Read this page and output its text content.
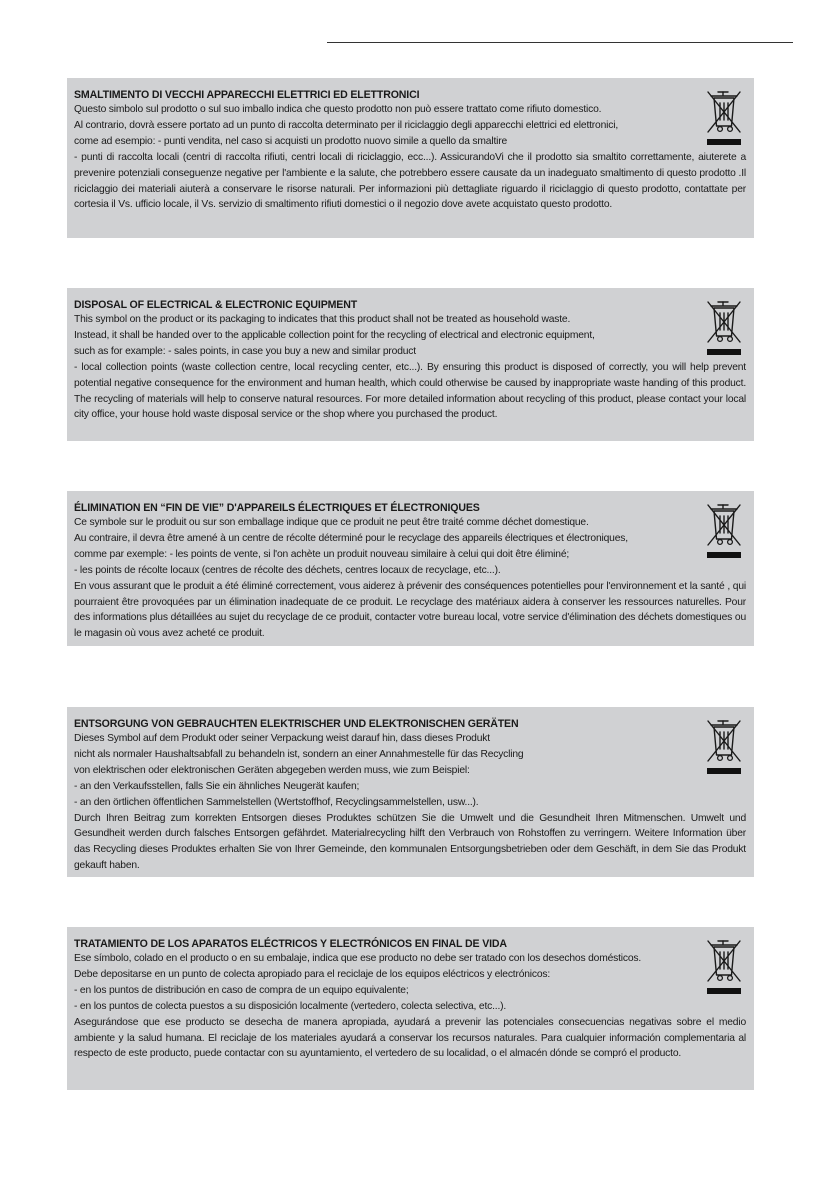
SMALTIMENTO DI VECCHI APPARECCHI ELETTRICI ED ELETTRONICI
Questo simbolo sul prodotto o sul suo imballo indica che questo prodotto non può essere trattato come rifiuto domestico.
Al contrario, dovrà essere portato ad un punto di raccolta determinato per il riciclaggio degli apparecchi elettrici ed elettronici,
come ad esempio: - punti vendita, nel caso si acquisti un prodotto nuovo simile a quello da smaltire

- punti di raccolta locali (centri di raccolta rifiuti, centri locali di riciclaggio, ecc...). AssicurandoVi che il prodotto sia smaltito correttamente, aiuterete a prevenire potenziali conseguenze negative per l'ambiente e la salute, che potrebbero essere causate da un inadeguato smaltimento di questo prodotto .Il riciclaggio dei materiali aiuterà a conservare le risorse naturali. Per informazioni più dettagliate riguardo il riciclaggio di questo prodotto, contattate per cortesia il Vs. ufficio locale, il Vs. servizio di smaltimento rifiuti domestici o il negozio dove avete acquistato questo prodotto.

DISPOSAL OF ELECTRICAL & ELECTRONIC EQUIPMENT
This symbol on the product or its packaging to indicates that this product shall not be treated as household waste.
Instead, it shall be handed over to the applicable collection point for the recycling of electrical and electronic equipment,
such as for example: - sales points, in case you buy a new and similar product

- local collection points (waste collection centre, local recycling center, etc...). By ensuring this product is disposed of correctly, you will help prevent potential negative consequence for the environment and human health, which could otherwise be caused by inappropriate waste handing of this product. The recycling of materials will help to conserve natural resources. For more detailed information about recycling of this product, please contact your local city office, your house hold waste disposal service or the shop where you purchased the product.

ÉLIMINATION EN “FIN DE VIE” D'APPAREILS ÉLECTRIQUES ET ÉLECTRONIQUES
Ce symbole sur le produit ou sur son emballage indique que ce produit ne peut être traité comme déchet domestique.
Au contraire, il devra être amené à un centre de récolte déterminé pour le recyclage des appareils électriques et électroniques,
comme par exemple: - les points de vente, si l'on achète un produit nouveau similaire à celui qui doit être éliminé;
- les points de récolte locaux (centres de récolte des déchets, centres locaux de recyclage, etc...).

En vous assurant que le produit a été éliminé correctement, vous aiderez à prévenir des conséquences potentielles pour l'environnement et la santé , qui pourraient être provoquées par un élimination inadequate de ce produit. Le recyclage des matériaux aidera à conserver les ressources naturelles. Pour des informations plus détaillées au sujet du recyclage de ce produit, contacter votre bureau local, votre service d'élimination des déchets domestiques ou le magasin où vous avez acheté ce produit.

ENTSORGUNG VON GEBRAUCHTEN ELEKTRISCHER UND ELEKTRONISCHEN GERÄTEN
Dieses Symbol auf dem Produkt oder seiner Verpackung weist darauf hin, dass dieses Produkt
nicht als normaler Haushaltsabfall zu behandeln ist, sondern an einer Annahmestelle für das Recycling
von elektrischen oder elektronischen Geräten abgegeben werden muss, wie zum Beispiel:
- an den Verkaufsstellen, falls Sie ein ähnliches Neugerät kaufen;
- an den örtlichen öffentlichen Sammelstellen (Wertstoffhof, Recyclingsammelstellen, usw...).

Durch Ihren Beitrag zum korrekten Entsorgen dieses Produktes schützen Sie die Umwelt und die Gesundheit Ihren Mitmenschen. Umwelt und Gesundheit werden durch falsches Entsorgen gefährdet. Materialrecycling hilft den Verbrauch von Rohstoffen zu verringern. Weitere Information über das Recycling dieses Produktes erhalten Sie von Ihrer Gemeinde, den kommunalen Entsorgungsbetrieben oder dem Geschäft, in dem Sie das Produkt gekauft haben.

TRATAMIENTO DE LOS APARATOS ELÉCTRICOS Y ELECTRÓNICOS EN FINAL DE VIDA
Ese símbolo, colado en el producto o en su embalaje, indica que ese producto no debe ser tratado con los desechos domésticos.
Debe depositarse en un punto de colecta apropiado para el reciclaje de los equipos eléctricos y electrónicos:
- en los puntos de distribución en caso de compra de un equipo equivalente;
- en los puntos de colecta puestos a su disposición localmente (vertedero, colecta selectiva, etc...).

Asegurándose que ese producto se desecha de manera apropiada, ayudará a prevenir las potenciales consecuencias negativas sobre el medio ambiente y la salud humana. El reciclaje de los materiales ayudará a conservar los recursos naturales. Para cualquier información complementaria al respecto de este producto, puede contactar con su ayuntamiento, el vertedero de su localidad, o el almacén dónde se compró el producto.
